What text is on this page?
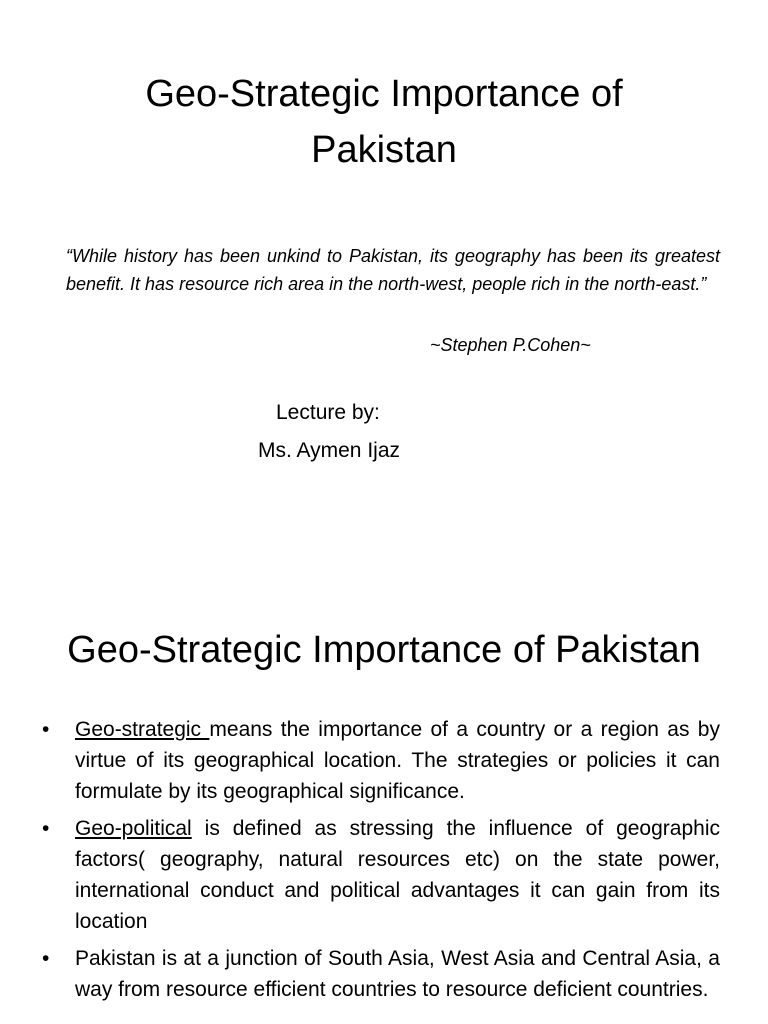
Geo-Strategic Importance of
Pakistan

“While history has been unkind to Pakistan, its geography has been its greatest benefit. It has resource rich area in the north-west, people rich in the north-east.”

~Stephen P.Cohen~
Lecture by:
Ms. Aymen Ijaz
Geo-Strategic Importance of Pakistan
• Geo-strategic means the importance of a country or a region as by virtue of its geographical location. The strategies or policies it can formulate by its geographical significance.
• Geo-political is defined as stressing the influence of geographic factors( geography, natural resources etc) on the state power, international conduct and political advantages it can gain from its location
• Pakistan is at a junction of South Asia, West Asia and Central Asia, a way from resource efficient countries to resource deficient countries.
